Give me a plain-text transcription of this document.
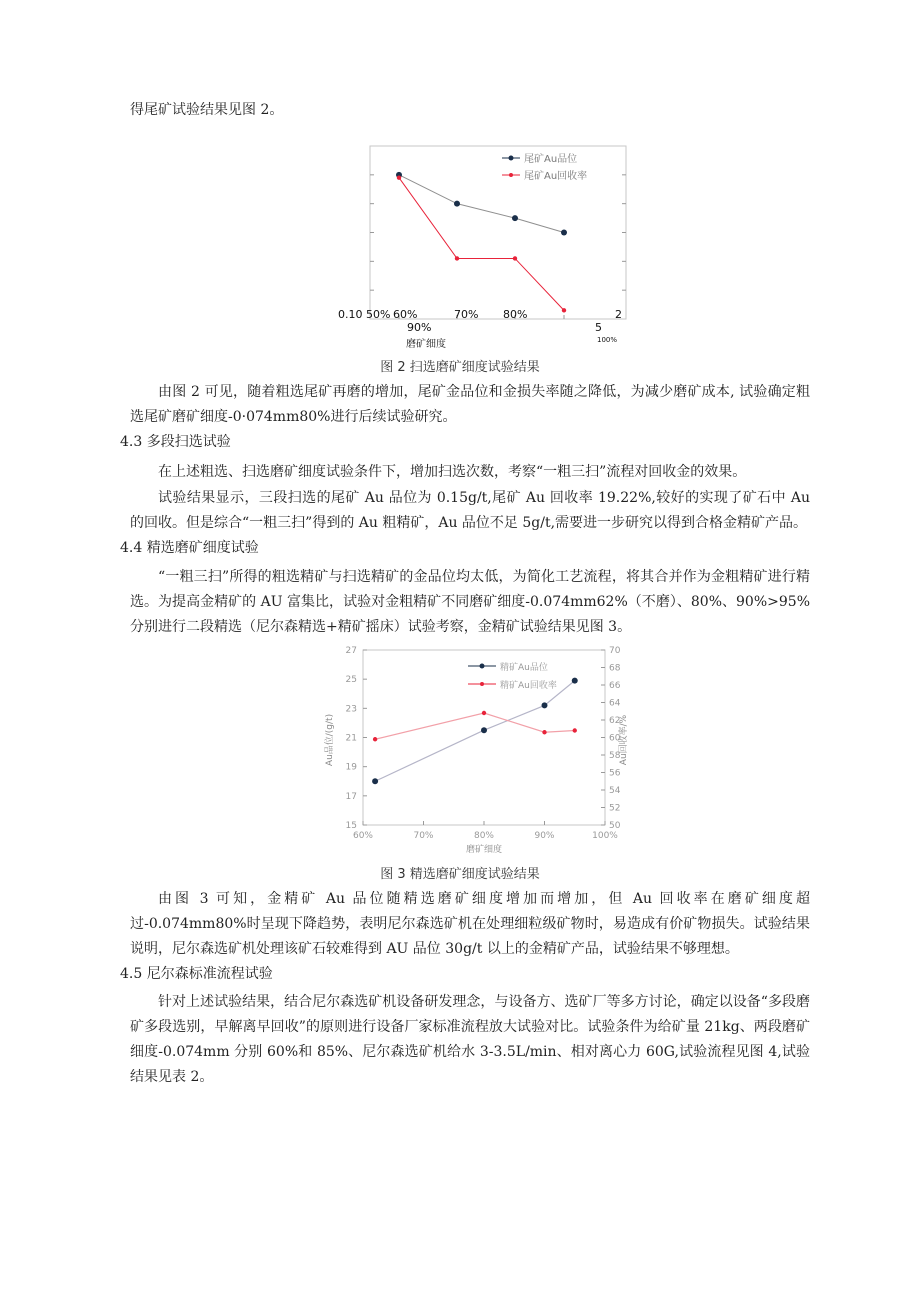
得尾矿试验结果见图 2。

尾矿Au品位
尾矿Au回收率
0.10 50% 60%	70% 80%	2
90%	5
100%
磨矿细度
图 2 扫选磨矿细度试验结果

由图 2 可见，随着粗选尾矿再磨的增加，尾矿金品位和金损失率随之降低，为减少磨矿成本, 试验确定粗选尾矿磨矿细度-0·074mm80%进行后续试验研究。

4.3 多段扫选试验

在上述粗选、扫选磨矿细度试验条件下，增加扫选次数，考察“一粗三扫”流程对回收金的效果。

试验结果显示，三段扫选的尾矿 Au 品位为 0.15g/t,尾矿 Au 回收率 19.22%,较好的实现了矿石中 Au 的回收。但是综合“一粗三扫”得到的 Au 粗精矿，Au 品位不足 5g/t,需要进一步研究以得到合格金精矿产品。

4.4 精选磨矿细度试验

“一粗三扫”所得的粗选精矿与扫选精矿的金品位均太低，为简化工艺流程，将其合并作为金粗精矿进行精选。为提高金精矿的 AU 富集比，试验对金粗精矿不同磨矿细度-0.074mm62%（不磨）、80%、90%>95%分别进行二段精选（尼尔森精选+精矿摇床）试验考察，金精矿试验结果见图 3。

27
25
23
21
19
17
15
70
68
66
64
62
60
58
56
54
52
50
60%	70%	80%	90%	100%
精矿Au品位
精矿Au回收率
Au品位/(g/t)	Au回收率/%
磨矿细度
图 3 精选磨矿细度试验结果

由图 3 可知，金精矿 Au 品位随精选磨矿细度增加而增加，但 Au 回收率在磨矿细度超过-0.074mm80%时呈现下降趋势，表明尼尔森选矿机在处理细粒级矿物时，易造成有价矿物损失。试验结果说明，尼尔森选矿机处理该矿石较难得到 AU 品位 30g/t 以上的金精矿产品，试验结果不够理想。

4.5 尼尔森标准流程试验

针对上述试验结果，结合尼尔森选矿机设备研发理念，与设备方、选矿厂等多方讨论，确定以设备“多段磨矿多段选别，早解离早回收”的原则进行设备厂家标准流程放大试验对比。试验条件为给矿量 21kg、两段磨矿细度-0.074mm 分别 60%和 85%、尼尔森选矿机给水 3-3.5L/min、相对离心力 60G,试验流程见图 4,试验结果见表 2。
